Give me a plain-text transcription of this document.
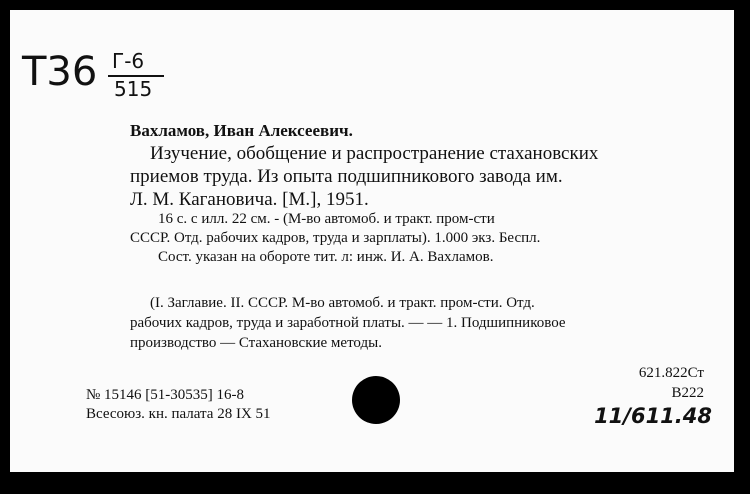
Т36 Г-6
515
Вахламов, Иван Алексеевич.
Изучение, обобщение и распространение стахановских
приемов труда. Из опыта подшипникового завода им.
Л. М. Кагановича. [М.], 1951.
16 с. с илл. 22 см. - (М-во автомоб. и тракт. пром-сти
СССР. Отд. рабочих кадров, труда и зарплаты). 1.000 экз. Беспл.
Сост. указан на обороте тит. л: инж. И. А. Вахламов.
(I. Заглавие. II. СССР. М-во автомоб. и тракт. пром-сти. Отд.
рабочих кадров, труда и заработной платы. — — 1. Подшипниковое
производство — Стахановские методы.
№ 15146 [51-30535] 16-8
Всесоюз. кн. палата 28 IX 51
621.822Ст
В222
11/611.48
